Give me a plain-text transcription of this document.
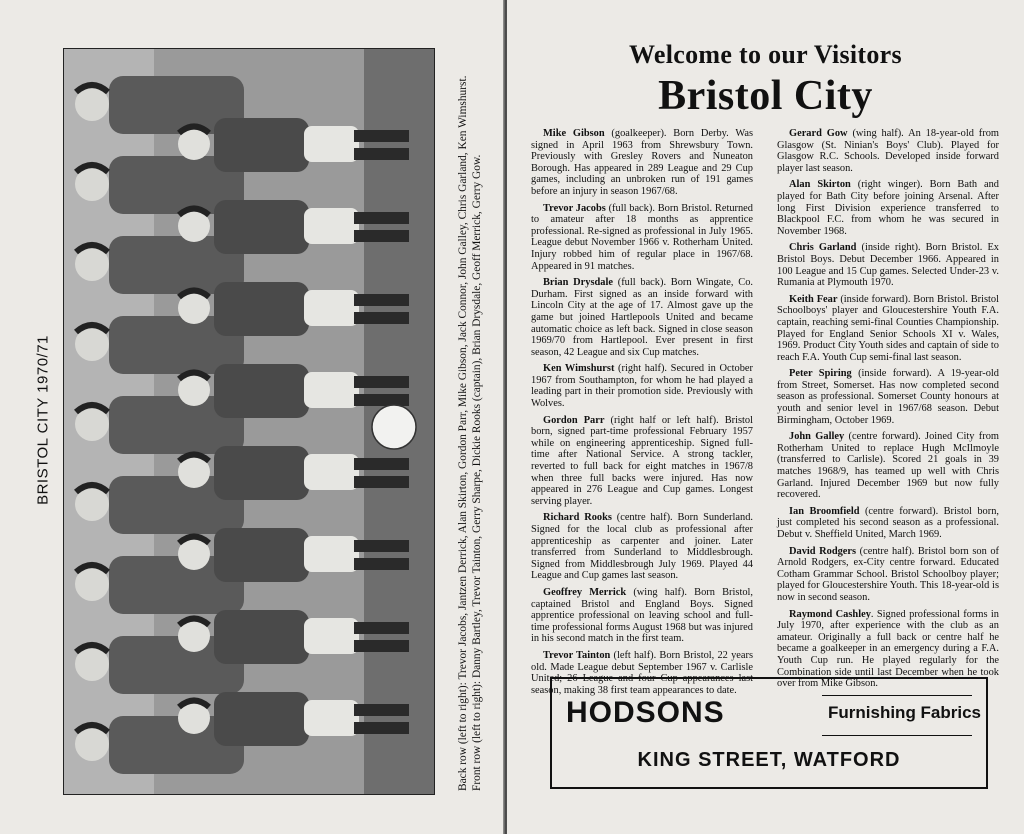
BRISTOL CITY 1970/71	Back row (left to right): Trevor Jacobs, Jantzen Derrick, Alan Skirton, Gordon Parr, Mike Gibson, Jack Connor, John Galley, Chris Garland, Ken Wimshurst. Front row (left to right): Danny Bartley, Trevor Tainton, Gerry Sharpe, Dickie Rooks (captain), Brian Drysdale, Geoff Merrick, Gerry Gow.

Welcome to our Visitors
Bristol City

Mike Gibson (goalkeeper). Born Derby. Was signed in April 1963 from Shrewsbury Town. Previously with Gresley Rovers and Nuneaton Borough. Has appeared in 289 League and 29 Cup games, including an unbroken run of 191 games before an injury in season 1967/68.

Trevor Jacobs (full back). Born Bristol. Returned to amateur after 18 months as apprentice professional. Re-signed as professional in July 1965. League debut November 1966 v. Rotherham United. Injury robbed him of regular place in 1967/68. Appeared in 91 matches.

Brian Drysdale (full back). Born Wingate, Co. Durham. First signed as an inside forward with Lincoln City at the age of 17. Almost gave up the game but joined Hartlepools United and became automatic choice as left back. Signed in close season 1969/70 from Hartlepool. Ever present in first season, 42 League and six Cup matches.

Ken Wimshurst (right half). Secured in October 1967 from Southampton, for whom he had played a leading part in their promotion side. Previously with Wolves.

Gordon Parr (right half or left half). Bristol born, signed part-time professional February 1957 while on engineering apprenticeship. Signed full-time after National Service. A strong tackler, reverted to full back for eight matches in 1967/8 when three full backs were injured. Has now appeared in 276 League and Cup games. Longest serving player.

Richard Rooks (centre half). Born Sunderland. Signed for the local club as professional after apprenticeship as carpenter and joiner. Later transferred from Sunderland to Middlesbrough. Signed from Middlesbrough July 1969. Played 44 League and Cup games last season.

Geoffrey Merrick (wing half). Born Bristol, captained Bristol and England Boys. Signed apprentice professional on leaving school and full-time professional forms August 1968 but was injured in his second match in the first team.

Trevor Tainton (left half). Born Bristol, 22 years old. Made League debut September 1967 v. Carlisle United; 26 League and four Cup appearances last season, making 38 first team appearances to date.

Gerard Gow (wing half). An 18-year-old from Glasgow (St. Ninian's Boys' Club). Played for Glasgow R.C. Schools. Developed inside forward player last season.

Alan Skirton (right winger). Born Bath and played for Bath City before joining Arsenal. After long First Division experience transferred to Blackpool F.C. from whom he was secured in November 1968.

Chris Garland (inside right). Born Bristol. Ex Bristol Boys. Debut December 1966. Appeared in 100 League and 15 Cup games. Selected Under-23 v. Rumania at Plymouth 1970.

Keith Fear (inside forward). Born Bristol. Bristol Schoolboys' player and Gloucestershire Youth F.A. captain, reaching semi-final Counties Championship. Played for England Senior Schools XI v. Wales, 1969. Product City Youth sides and captain of side to reach F.A. Youth Cup semi-final last season.

Peter Spiring (inside forward). A 19-year-old from Street, Somerset. Has now completed second season as professional. Somerset County honours at youth and senior level in 1967/68 season. Debut Birmingham, October 1969.

John Galley (centre forward). Joined City from Rotherham United to replace Hugh McIlmoyle (transferred to Carlisle). Scored 21 goals in 39 matches 1968/9, has teamed up well with Chris Garland. Injured December 1969 but now fully recovered.

Ian Broomfield (centre forward). Bristol born, just completed his second season as a professional. Debut v. Sheffield United, March 1969.

David Rodgers (centre half). Bristol born son of Arnold Rodgers, ex-City centre forward. Educated Cotham Grammar School. Bristol Schoolboy player; played for Gloucestershire Youth. This 18-year-old is now in second season.

Raymond Cashley. Signed professional forms in July 1970, after experience with the club as an amateur. Originally a full back or centre half he became a goalkeeper in an emergency during a F.A. Youth Cup run. He played regularly for the Combination side until last December when he took over from Mike Gibson.

HODSONS	Furnishing Fabrics
KING STREET, WATFORD
